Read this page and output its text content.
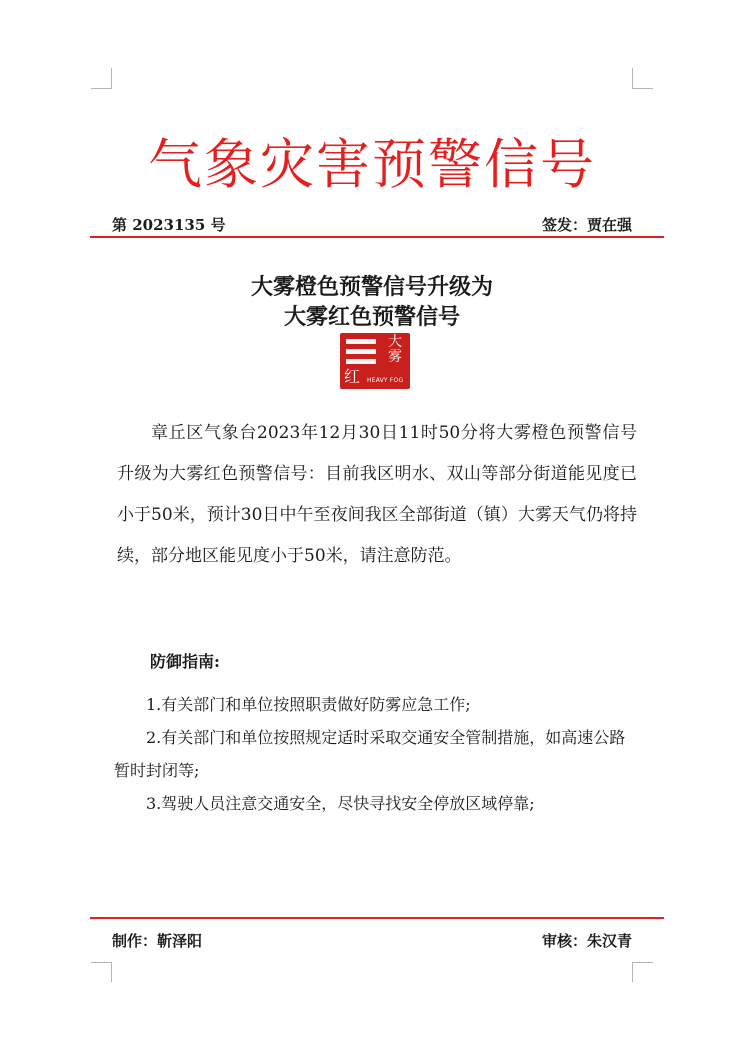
气象灾害预警信号
第 2023135 号	签发：贾在强
大雾橙色预警信号升级为
大雾红色预警信号
大
雾
红 HEAVY FOG
章丘区气象台2023年12月30日11时50分将大雾橙色预警信号升级为大雾红色预警信号：目前我区明水、双山等部分街道能见度已小于50米，预计30日中午至夜间我区全部街道（镇）大雾天气仍将持续，部分地区能见度小于50米，请注意防范。
防御指南:

1.有关部门和单位按照职责做好防雾应急工作;

2.有关部门和单位按照规定适时采取交通安全管制措施，如高速公路暂时封闭等;

3.驾驶人员注意交通安全，尽快寻找安全停放区域停靠;

制作：靳泽阳	审核：朱汉青
